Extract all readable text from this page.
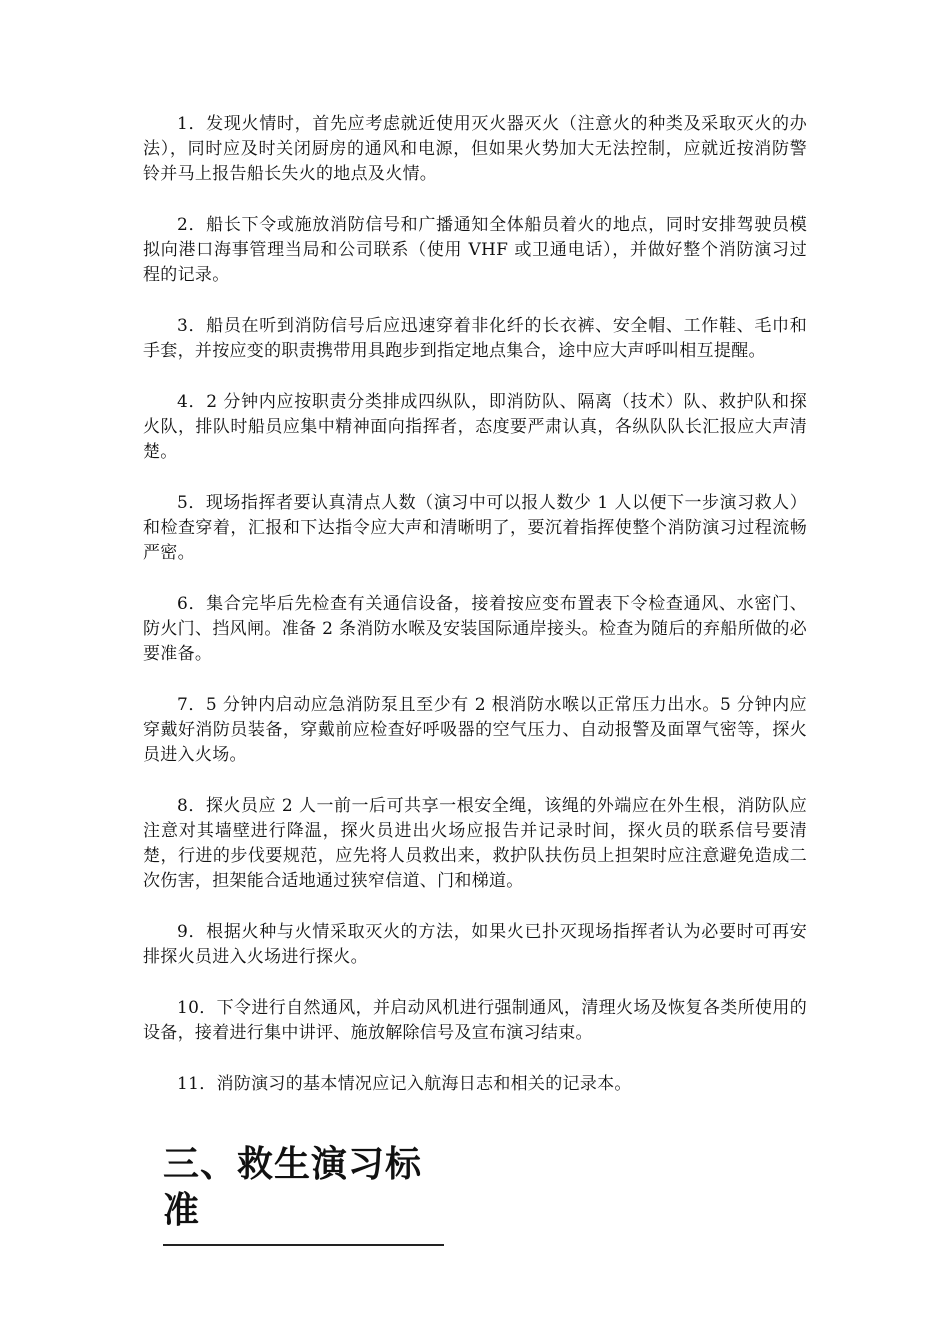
1．发现火情时，首先应考虑就近使用灭火器灭火（注意火的种类及采取灭火的办法），同时应及时关闭厨房的通风和电源，但如果火势加大无法控制，应就近按消防警铃并马上报告船长失火的地点及火情。

2．船长下令或施放消防信号和广播通知全体船员着火的地点，同时安排驾驶员模拟向港口海事管理当局和公司联系（使用 VHF 或卫通电话），并做好整个消防演习过程的记录。

3．船员在听到消防信号后应迅速穿着非化纤的长衣裤、安全帽、工作鞋、毛巾和手套，并按应变的职责携带用具跑步到指定地点集合，途中应大声呼叫相互提醒。

4．2 分钟内应按职责分类排成四纵队，即消防队、隔离（技术）队、救护队和探火队，排队时船员应集中精神面向指挥者，态度要严肃认真，各纵队队长汇报应大声清楚。

5．现场指挥者要认真清点人数（演习中可以报人数少 1 人以便下一步演习救人）和检查穿着，汇报和下达指令应大声和清晰明了，要沉着指挥使整个消防演习过程流畅严密。

6．集合完毕后先检查有关通信设备，接着按应变布置表下令检查通风、水密门、防火门、挡风闸。准备 2 条消防水喉及安装国际通岸接头。检查为随后的弃船所做的必要准备。

7．5 分钟内启动应急消防泵且至少有 2 根消防水喉以正常压力出水。5 分钟内应穿戴好消防员装备，穿戴前应检查好呼吸器的空气压力、自动报警及面罩气密等，探火员进入火场。

8．探火员应 2 人一前一后可共享一根安全绳，该绳的外端应在外生根，消防队应注意对其墙壁进行降温，探火员进出火场应报告并记录时间，探火员的联系信号要清楚，行进的步伐要规范，应先将人员救出来，救护队扶伤员上担架时应注意避免造成二次伤害，担架能合适地通过狭窄信道、门和梯道。

9．根据火种与火情采取灭火的方法，如果火已扑灭现场指挥者认为必要时可再安排探火员进入火场进行探火。

10．下令进行自然通风，并启动风机进行强制通风，清理火场及恢复各类所使用的设备，接着进行集中讲评、施放解除信号及宣布演习结束。

11．消防演习的基本情况应记入航海日志和相关的记录本。

三、救生演习标准
